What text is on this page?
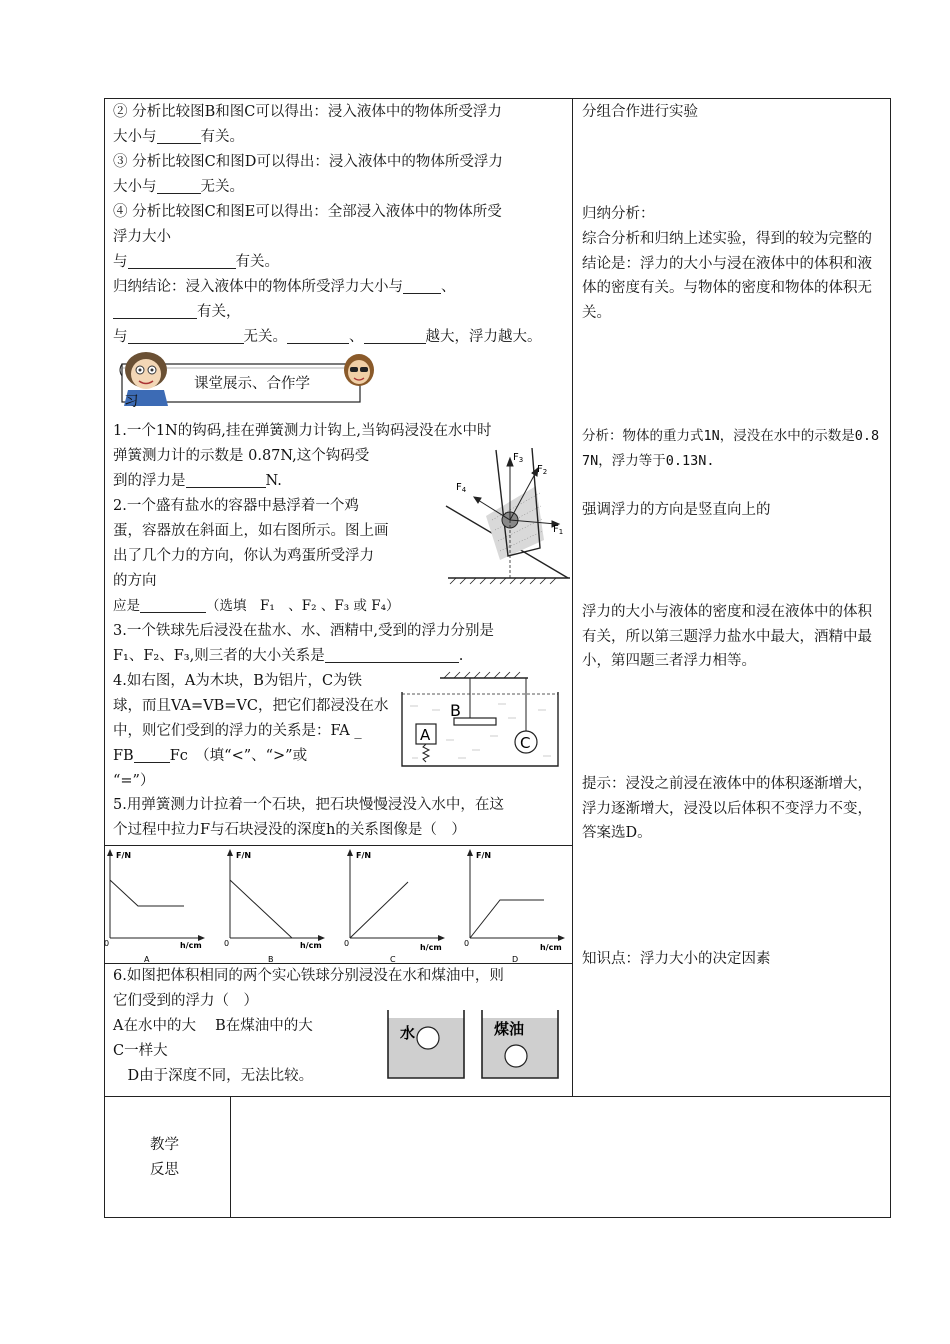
② 分析比较图B和图C可以得出：浸入液体中的物体所受浮力
大小与	有关。
③ 分析比较图C和图D可以得出：浸入液体中的物体所受浮力
大小与	无关。
④ 分析比较图C和图E可以得出：全部浸入液体中的物体所受
浮力大小
与	有关。
归纳结论：浸入液体中的物体所受浮力大小与	、
有关，
与	无关。	、	越大，浮力越大。
课堂展示、合作学
习
1.一个1N的钩码,挂在弹簧测力计钩上,当钩码浸没在水中时
弹簧测力计的示数是 0.87N,这个钩码受
到的浮力是	N.
2.一个盛有盐水的容器中悬浮着一个鸡
蛋，容器放在斜面上，如右图所示。图上画
出了几个力的方向，你认为鸡蛋所受浮力
的方向
应是	（选填　F₁　、F₂ 、F₃ 或 F₄）
$F_3$
$F_2$
$F_4$
$F_1$
3.一个铁球先后浸没在盐水、水、酒精中,受到的浮力分别是
F₁、F₂、F₃,则三者的大小关系是	.
4.如右图，A为木块，B为铝片，C为铁
球，而且VA=VB=VC，把它们都浸没在水
中，则它们受到的浮力的关系是：FA _
FB Fc　（填“<”、“>”或
“=”）
B
C
A
5.用弹簧测力计拉着一个石块，把石块慢慢浸没入水中，在这
个过程中拉力F与石块浸没的深度h的关系图像是（　）
F/N
0	h/cm
A
F/N
0	h/cm
B
F/N
0	h/cm
C
F/N
0	h/cm
D
6.如图把体积相同的两个实心铁球分别浸没在水和煤油中，则
它们受到的浮力（　）
A在水中的大　 B在煤油中的大
C一样大
　D由于深度不同，无法比较。
水	煤油
分组合作进行实验
归纳分析：
综合分析和归纳上述实验，得到的较为完整的结论是：浮力的大小与浸在液体中的体积和液体的密度有关。与物体的密度和物体的体积无关。
分析：物体的重力式1N，浸没在水中的示数是0.87N，浮力等于0.13N.
强调浮力的方向是竖直向上的
浮力的大小与液体的密度和浸在液体中的体积有关，所以第三题浮力盐水中最大，酒精中最小，第四题三者浮力相等。
提示：浸没之前浸在液体中的体积逐渐增大，浮力逐渐增大，浸没以后体积不变浮力不变，答案选D。
知识点：浮力大小的决定因素
教学
反思
